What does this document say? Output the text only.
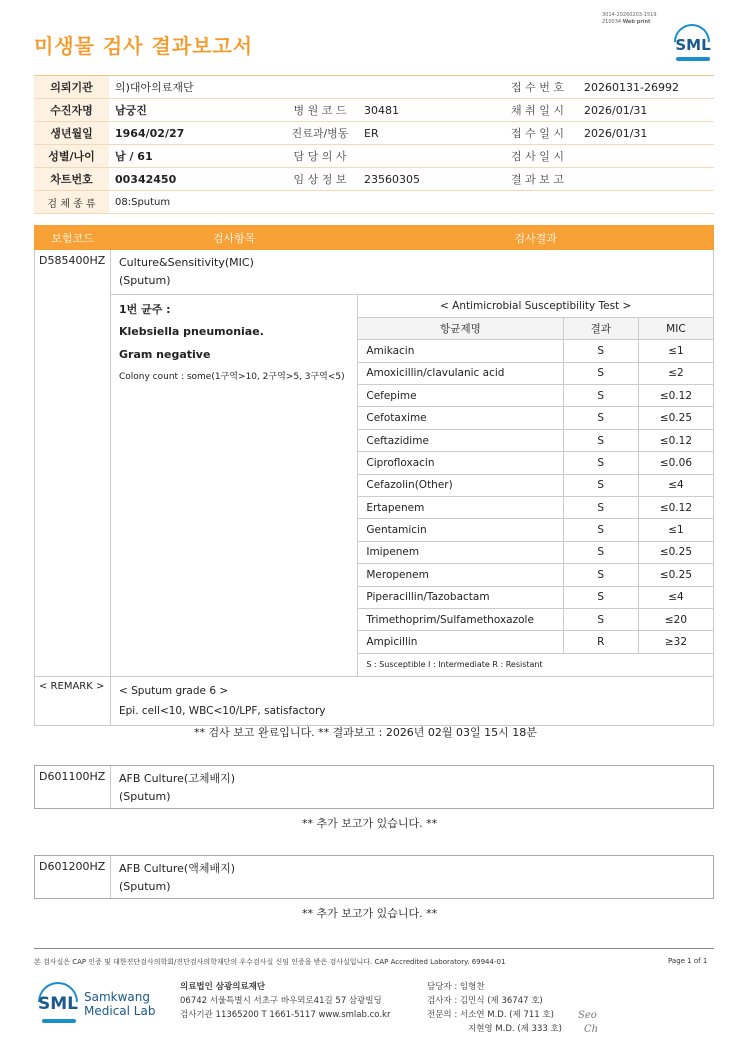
미생물 검사 결과보고서
3014-20260203-1519
210034 Web print
SML
의뢰기관	의)대아의료재단			접 수 번 호	20260131-26992
수진자명	남궁진	병 원 코 드	30481	채 취 일 시	2026/01/31
생년월일	1964/02/27	진료과/병동	ER	접 수 일 시	2026/01/31
성별/나이	남 / 61	담 당 의 사		검 사 일 시	
차트번호	00342450	임 상 정 보	23560305	결 과 보 고	
검 체 종 류	08:Sputum				
보험코드	검사항목	검사결과
D585400HZ	Culture&Sensitivity(MIC)
(Sputum)

1번 균주 :
Klebsiella pneumoniae.
Gram negative
Colony count : some(1구역>10, 2구역>5, 3구역<5)

< Antimicrobial Susceptibility Test >
항균제명	결과	MIC
Amikacin	S	≤1
Amoxicillin/clavulanic acid	S	≤2
Cefepime	S	≤0.12
Cefotaxime	S	≤0.25
Ceftazidime	S	≤0.12
Ciprofloxacin	S	≤0.06
Cefazolin(Other)	S	≤4
Ertapenem	S	≤0.12
Gentamicin	S	≤1
Imipenem	S	≤0.25
Meropenem	S	≤0.25
Piperacillin/Tazobactam	S	≤4
Trimethoprim/Sulfamethoxazole	S	≤20
Ampicillin	R	≥32
S : Susceptible I : Intermediate R : Resistant

< REMARK >	< Sputum grade 6 >
Epi. cell<10, WBC<10/LPF, satisfactory
** 검사 보고 완료입니다. ** 결과보고 : 2026년 02월 03일 15시 18분
D601100HZ	AFB Culture(고체배지)
(Sputum)
** 추가 보고가 있습니다. **
D601200HZ	AFB Culture(액체배지)
(Sputum)
** 추가 보고가 있습니다. **
본 검사실은 CAP 인증 및 대한진단검사의학회/진단검사의학재단의 우수검사실 신임 인증을 받은 검사실입니다. CAP Accredited Laboratory. 69944-01	Page 1 of 1
SML Samkwang
Medical Lab
의료법인 삼광의료재단
06742 서울특별시 서초구 바우뫼로41길 57 삼광빌딩
검사기관 11365200 T 1661-5117 www.smlab.co.kr
담당자 : 임형찬
검사자 : 김민식 (제 36747 호)
전문의 : 서소연 M.D. (제 711 호)
지현영 M.D. (제 333 호)
Seo
Ch
